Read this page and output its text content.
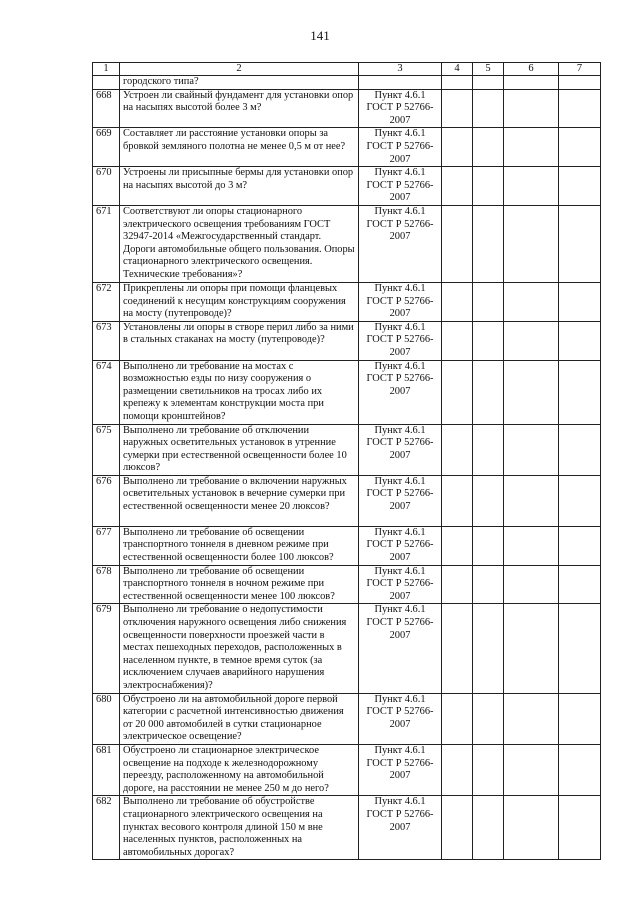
141
1	2	3	4	5	6	7
	городского типа?					
668	Устроен ли свайный фундамент для установки опор на насыпях высотой более 3 м?	Пункт 4.6.1 ГОСТ Р 52766-2007				
669	Составляет ли расстояние установки опоры за бровкой земляного полотна не менее 0,5 м от нее?	Пункт 4.6.1 ГОСТ Р 52766-2007				
670	Устроены ли присыпные бермы для установки опор на насыпях высотой до 3 м?	Пункт 4.6.1 ГОСТ Р 52766-2007				
671	Соответствуют ли опоры стационарного электрического освещения требованиям ГОСТ 32947-2014 «Межгосударственный стандарт. Дороги автомобильные общего пользования. Опоры стационарного электрического освещения. Технические требования»?	Пункт 4.6.1 ГОСТ Р 52766-2007				
672	Прикреплены ли опоры при помощи фланцевых соединений к несущим конструкциям сооружения на мосту (путепроводе)?	Пункт 4.6.1 ГОСТ Р 52766-2007				
673	Установлены ли опоры в створе перил либо за ними в стальных стаканах на мосту (путепроводе)?	Пункт 4.6.1 ГОСТ Р 52766-2007				
674	Выполнено ли требование на мостах с возможностью езды по низу сооружения о размещении светильников на тросах либо их крепежу к элементам конструкции моста при помощи кронштейнов?	Пункт 4.6.1 ГОСТ Р 52766-2007				
675	Выполнено ли требование об отключении наружных осветительных установок в утренние сумерки при естественной освещенности более 10 люксов?	Пункт 4.6.1 ГОСТ Р 52766-2007				
676	Выполнено ли требование о включении наружных осветительных установок в вечерние сумерки при естественной освещенности менее 20 люксов?	Пункт 4.6.1 ГОСТ Р 52766-2007				
677	Выполнено ли требование об освещении транспортного тоннеля в дневном режиме при естественной освещенности более 100 люксов?	Пункт 4.6.1 ГОСТ Р 52766-2007				
678	Выполнено ли требование об освещении транспортного тоннеля в ночном режиме при естественной освещенности менее 100 люксов?	Пункт 4.6.1 ГОСТ Р 52766-2007				
679	Выполнено ли требование о недопустимости отключения наружного освещения либо снижения освещенности поверхности проезжей части в местах пешеходных переходов, расположенных в населенном пункте, в темное время суток (за исключением случаев аварийного нарушения электроснабжения)?	Пункт 4.6.1 ГОСТ Р 52766-2007				
680	Обустроено ли на автомобильной дороге первой категории с расчетной интенсивностью движения от 20 000 автомобилей в сутки стационарное электрическое освещение?	Пункт 4.6.1 ГОСТ Р 52766-2007				
681	Обустроено ли стационарное электрическое освещение на подходе к железнодорожному переезду, расположенному на автомобильной дороге, на расстоянии не менее 250 м до него?	Пункт 4.6.1 ГОСТ Р 52766-2007				
682	Выполнено ли требование об обустройстве стационарного электрического освещения на пунктах весового контроля длиной 150 м вне населенных пунктов, расположенных на автомобильных дорогах?	Пункт 4.6.1 ГОСТ Р 52766-2007				
